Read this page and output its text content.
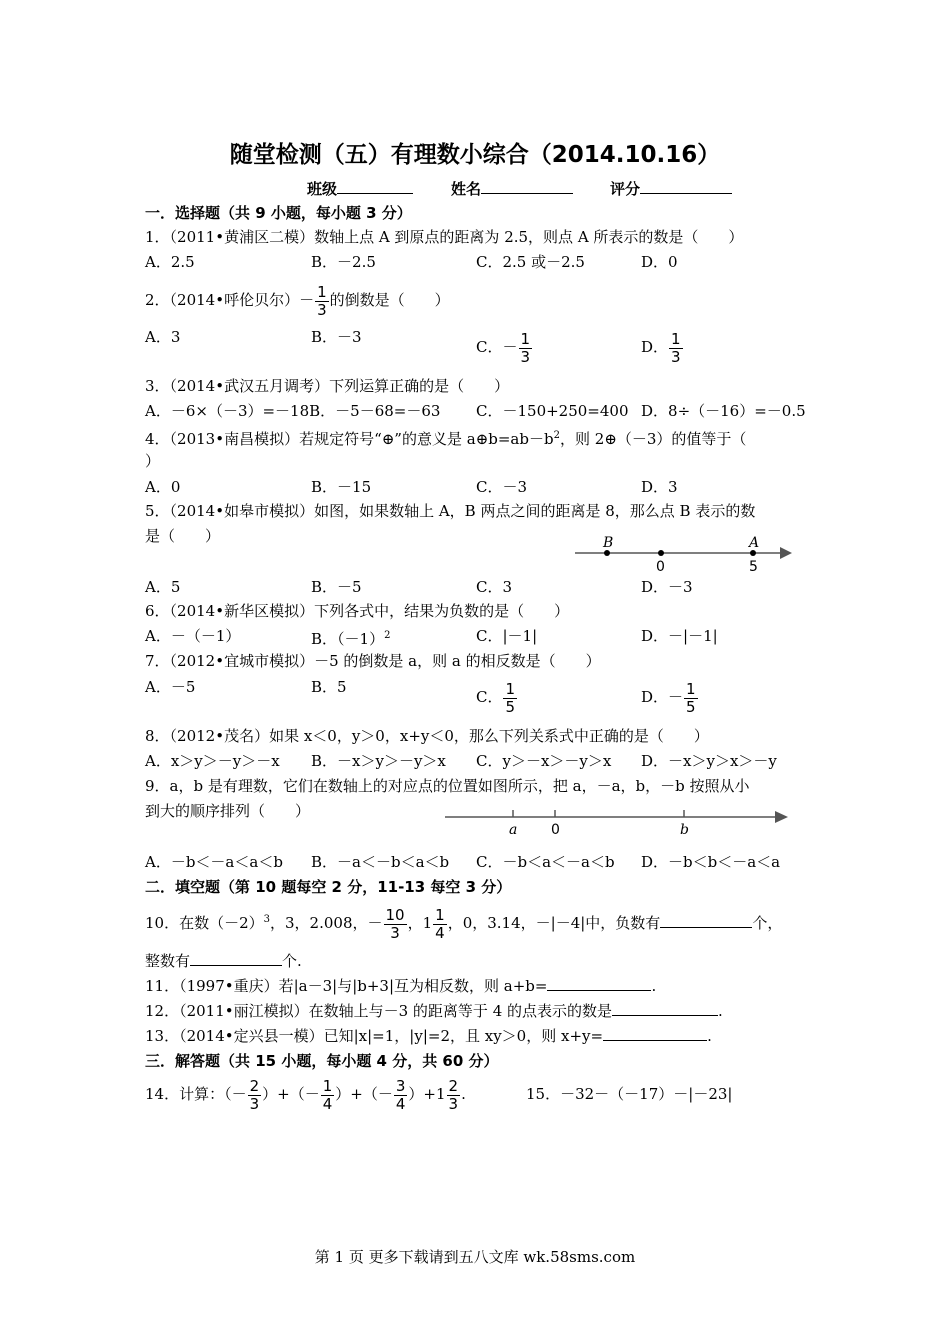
随堂检测（五）有理数小综合（2014.10.16）
班级	姓名	评分
一．选择题（共 9 小题，每小题 3 分）
1．（2011•黄浦区二模）数轴上点 A 到原点的距离为 2.5，则点 A 所表示的数是（　　）
A．2.5	B．－2.5	C．2.5 或－2.5	D．0
2．（2014•呼伦贝尔）－ $\frac{1}{3}$ 的倒数是（　　）
A．3	B．－3
C．－ $\frac{1}{3}$	D． $\frac{1}{3}$
3．（2014•武汉五月调考）下列运算正确的是（　　）
A．－6×（－3）=－18B．－5－68=－63 C．－150+250=400 D．8÷（－16）=－0.5
4．（2013•南昌模拟）若规定符号“⊕”的意义是 $a\oplus b=ab-b^2$，则 2⊕（－3）的值等于（
）
A．0	B．－15	C．－3	D．3
5．（2014•如皋市模拟）如图，如果数轴上 A，B 两点之间的距离是 8，那么点 B 表示的数
是（　　）	B
0
A
5
A．5	B．－5	C．3	D．－3
6．（2014•新华区模拟）下列各式中，结果为负数的是（　　）
A．－（－1）	B．$(-1)^2$	C．|－1|	D．－|－1|
7．（2012•宜城市模拟）－5 的倒数是 a，则 a 的相反数是（　　）
A．－5	B．5
C． $\frac{1}{5}$	D．－ $\frac{1}{5}$
8．（2012•茂名）如果 x＜0，y＞0，x+y＜0，那么下列关系式中正确的是（　　）
A．x＞y＞－y＞－x B．－x＞y＞－y＞x C．y＞－x＞－y＞x D．－x＞y＞x＞－y
9．a，b 是有理数，它们在数轴上的对应点的位置如图所示，把 a，－a，b，－b 按照从小
到大的顺序排列（　　）
a 0	b
A．－b＜－a＜a＜b B．－a＜－b＜a＜b C．－b＜a＜－a＜b D．－b＜b＜－a＜a
二．填空题（第 10 题每空 2 分，11-13 每空 3 分）
10．在数$(-2)^3$，3，2.008，－ $\frac{10}{3}$ ，$1 \frac{1}{4}$ ，0，3.14，－|－4|中，负数有	个，
整数有	个.
11．（1997•重庆）若|a－3|与|b+3|互为相反数，则 a+b=	.
12．（2011•丽江模拟）在数轴上与－3 的距离等于 4 的点表示的数是	.
13．（2014•定兴县一模）已知|x|=1，|y|=2，且 xy＞0，则 x+y=	.
三．解答题（共 15 小题，每小题 4 分，共 60 分）
14．计算：（－ $\frac{2}{3}$ ）+（－ $\frac{1}{4}$ ）+（－ $\frac{3}{4} )+1 \frac{2}{3}$ .	15．－32－（－17）－|－23|
第 1 页 更多下载请到五八文库 wk.58sms.com
